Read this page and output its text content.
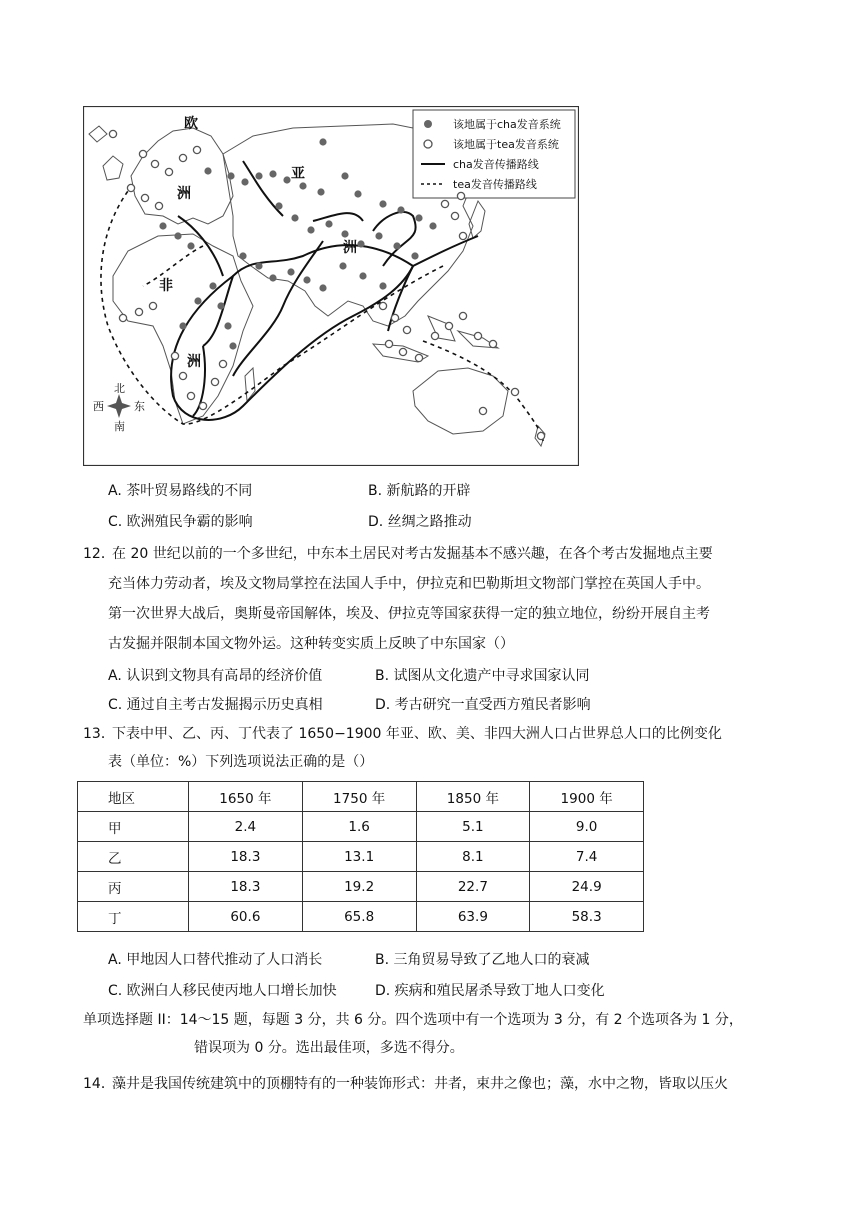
该地属于cha发音系统
该地属于tea发音系统
cha发音传播路线
tea发音传播路线
欧
洲
亚
洲
非
洲
北
南
东
西
A. 茶叶贸易路线的不同	B. 新航路的开辟
C. 欧洲殖民争霸的影响	D. 丝绸之路推动
12．
在 20 世纪以前的一个多世纪，中东本土居民对考古发掘基本不感兴趣，在各个考古发掘地点主要
充当体力劳动者，埃及文物局掌控在法国人手中，伊拉克和巴勒斯坦文物部门掌控在英国人手中。
第一次世界大战后，奥斯曼帝国解体，埃及、伊拉克等国家获得一定的独立地位，纷纷开展自主考
古发掘并限制本国文物外运。这种转变实质上反映了中东国家（）
A. 认识到文物具有高昂的经济价值	B. 试图从文化遗产中寻求国家认同
C. 通过自主考古发掘揭示历史真相	D. 考古研究一直受西方殖民者影响
13．
下表中甲、乙、丙、丁代表了 1650−1900 年亚、欧、美、非四大洲人口占世界总人口的比例变化
表（单位：%）下列选项说法正确的是（）
地区	1650 年	1750 年	1850 年	1900 年
甲	2.4	1.6	5.1	9.0
乙	18.3	13.1	8.1	7.4
丙	18.3	19.2	22.7	24.9
丁	60.6	65.8	63.9	58.3
A. 甲地因人口替代推动了人口消长	B. 三角贸易导致了乙地人口的衰减
C. 欧洲白人移民使丙地人口增长加快	D. 疾病和殖民屠杀导致丁地人口变化
单项选择题 II：14～15 题，每题 3 分，共 6 分。四个选项中有一个选项为 3 分，有 2 个选项各为 1 分，
错误项为 0 分。选出最佳项，多选不得分。
14．
藻井是我国传统建筑中的顶棚特有的一种装饰形式：井者，束井之像也；藻，水中之物，皆取以压火
